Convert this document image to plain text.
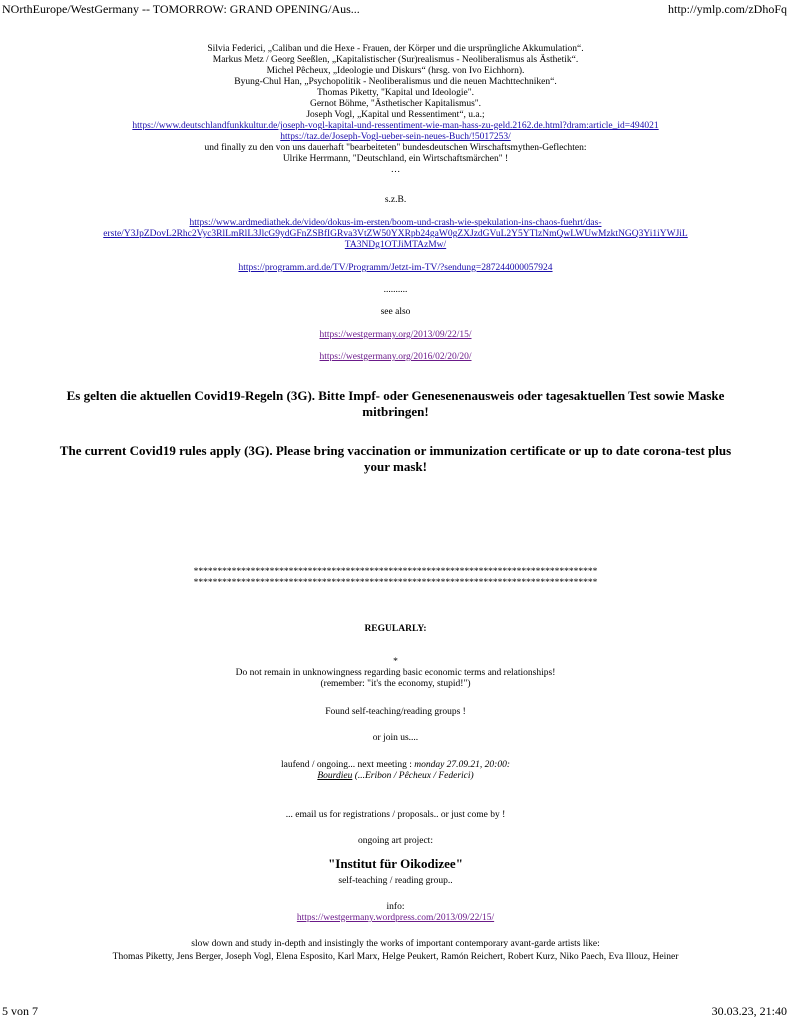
NOrthEurope/WestGermany -- TOMORROW: GRAND OPENING/Aus...	http://ymlp.com/zDhoFq
Silvia Federici, „Caliban und die Hexe - Frauen, der Körper und die ursprüngliche Akkumulation“.
Markus Metz / Georg Seeßlen, „Kapitalistischer (Sur)realismus - Neoliberalismus als Ästhetik“.
Michel Pêcheux, „Ideologie und Diskurs“ (hrsg. von Ivo Eichhorn).
Byung-Chul Han, „Psychopolitik - Neoliberalismus und die neuen Machttechniken“.
Thomas Piketty, "Kapital und Ideologie".
Gernot Böhme, "Ästhetischer Kapitalismus".
Joseph Vogl, „Kapital und Ressentiment“, u.a.;
https://www.deutschlandfunkkultur.de/joseph-vogl-kapital-und-ressentiment-wie-man-hass-zu-geld.2162.de.html?dram:article_id=494021
https://taz.de/Joseph-Vogl-ueber-sein-neues-Buch/!5017253/
und finally zu den von uns dauerhaft "bearbeiteten" bundesdeutschen Wirschaftsmythen-Geflechten:
Ulrike Herrmann, "Deutschland, ein Wirtschaftsmärchen" !
…
s.z.B.
https://www.ardmediathek.de/video/dokus-im-ersten/boom-und-crash-wie-spekulation-ins-chaos-fuehrt/das-
erste/Y3JpZDovL2Rhc2Vyc3RlLmRlL3JlcG9ydGFnZSBfIGRva3VtZW50YXRpb24gaW0gZXJzdGVuL2Y5YTlzNmQwLWUwMzktNGQ3Yi1iYWJiL
TA3NDg1OTJiMTAzMw/
https://programm.ard.de/TV/Programm/Jetzt-im-TV/?sendung=287244000057924
..........
see also
https://westgermany.org/2013/09/22/15/
https://westgermany.org/2016/02/20/20/
Es gelten die aktuellen Covid19-Regeln (3G). Bitte Impf- oder Genesenenausweis oder tagesaktuellen Test sowie Maske mitbringen!
The current Covid19 rules apply (3G). Please bring vaccination or immunization certificate or up to date corona-test plus your mask!
*************************************************************************************
*************************************************************************************
REGULARLY:
*
Do not remain in unknowingness regarding basic economic terms and relationships!
(remember: "it's the economy, stupid!")
Found self-teaching/reading groups !
or join us....
laufend / ongoing... next meeting : monday 27.09.21, 20:00:
Bourdieu (...Eribon / Pêcheux / Federici)
... email us for registrations / proposals.. or just come by !
ongoing art project:
"Institut für Oikodizee"
self-teaching / reading group..
info:
https://westgermany.wordpress.com/2013/09/22/15/
slow down and study in-depth and insistingly the works of important contemporary avant-garde artists like:
Thomas Piketty, Jens Berger, Joseph Vogl, Elena Esposito, Karl Marx, Helge Peukert, Ramón Reichert, Robert Kurz, Niko Paech, Eva Illouz, Heiner
5 von 7	30.03.23, 21:40
